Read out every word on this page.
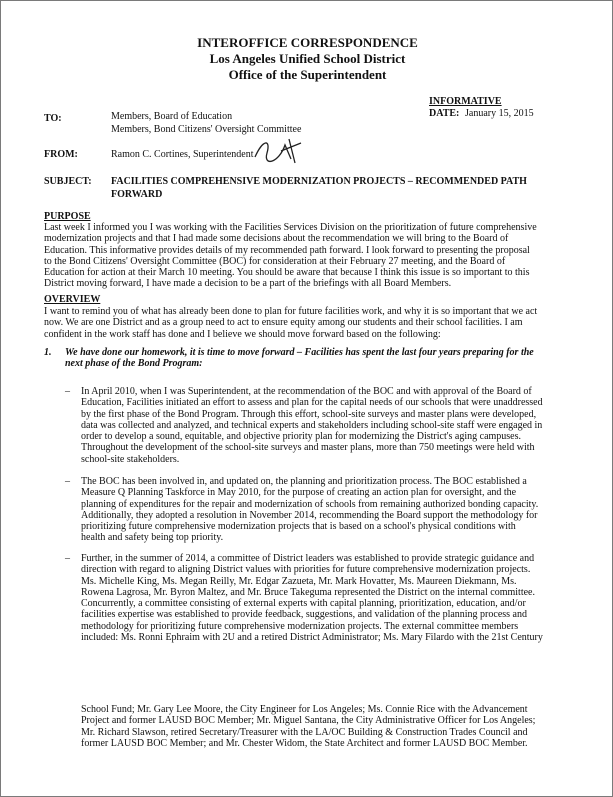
INTEROFFICE CORRESPONDENCE
Los Angeles Unified School District
Office of the Superintendent
INFORMATIVE
DATE: January 15, 2015
TO:	Members, Board of Education
Members, Bond Citizens' Oversight Committee
FROM:	Ramon C. Cortines, Superintendent
SUBJECT: FACILITIES COMPREHENSIVE MODERNIZATION PROJECTS – RECOMMENDED PATH
FORWARD
PURPOSE
Last week I informed you I was working with the Facilities Services Division on the prioritization of future comprehensive
modernization projects and that I had made some decisions about the recommendation we will bring to the Board of
Education. This informative provides details of my recommended path forward. I look forward to presenting the proposal
to the Bond Citizens' Oversight Committee (BOC) for consideration at their February 27 meeting, and the Board of
Education for action at their March 10 meeting. You should be aware that because I think this issue is so important to this
District moving forward, I have made a decision to be a part of the briefings with all Board Members.
OVERVIEW
I want to remind you of what has already been done to plan for future facilities work, and why it is so important that we act
now. We are one District and as a group need to act to ensure equity among our students and their school facilities. I am
confident in the work staff has done and I believe we should move forward based on the following:
1. We have done our homework, it is time to move forward – Facilities has spent the last four years preparing for the
next phase of the Bond Program:
– In April 2010, when I was Superintendent, at the recommendation of the BOC and with approval of the Board of
Education, Facilities initiated an effort to assess and plan for the capital needs of our schools that were unaddressed
by the first phase of the Bond Program. Through this effort, school-site surveys and master plans were developed,
data was collected and analyzed, and technical experts and stakeholders including school-site staff were engaged in
order to develop a sound, equitable, and objective priority plan for modernizing the District's aging campuses.
Throughout the development of the school-site surveys and master plans, more than 750 meetings were held with
school-site stakeholders.
– The BOC has been involved in, and updated on, the planning and prioritization process. The BOC established a
Measure Q Planning Taskforce in May 2010, for the purpose of creating an action plan for oversight, and the
planning of expenditures for the repair and modernization of schools from remaining authorized bonding capacity.
Additionally, they adopted a resolution in November 2014, recommending the Board support the methodology for
prioritizing future comprehensive modernization projects that is based on a school's physical conditions with
health and safety being top priority.
– Further, in the summer of 2014, a committee of District leaders was established to provide strategic guidance and
direction with regard to aligning District values with priorities for future comprehensive modernization projects.
Ms. Michelle King, Ms. Megan Reilly, Mr. Edgar Zazueta, Mr. Mark Hovatter, Ms. Maureen Diekmann, Ms.
Rowena Lagrosa, Mr. Byron Maltez, and Mr. Bruce Takeguma represented the District on the internal committee.
Concurrently, a committee consisting of external experts with capital planning, prioritization, education, and/or
facilities expertise was established to provide feedback, suggestions, and validation of the planning process and
methodology for prioritizing future comprehensive modernization projects. The external committee members
included: Ms. Ronni Ephraim with 2U and a retired District Administrator; Ms. Mary Filardo with the 21st Century
School Fund; Mr. Gary Lee Moore, the City Engineer for Los Angeles; Ms. Connie Rice with the Advancement
Project and former LAUSD BOC Member; Mr. Miguel Santana, the City Administrative Officer for Los Angeles;
Mr. Richard Slawson, retired Secretary/Treasurer with the LA/OC Building & Construction Trades Council and
former LAUSD BOC Member; and Mr. Chester Widom, the State Architect and former LAUSD BOC Member.
